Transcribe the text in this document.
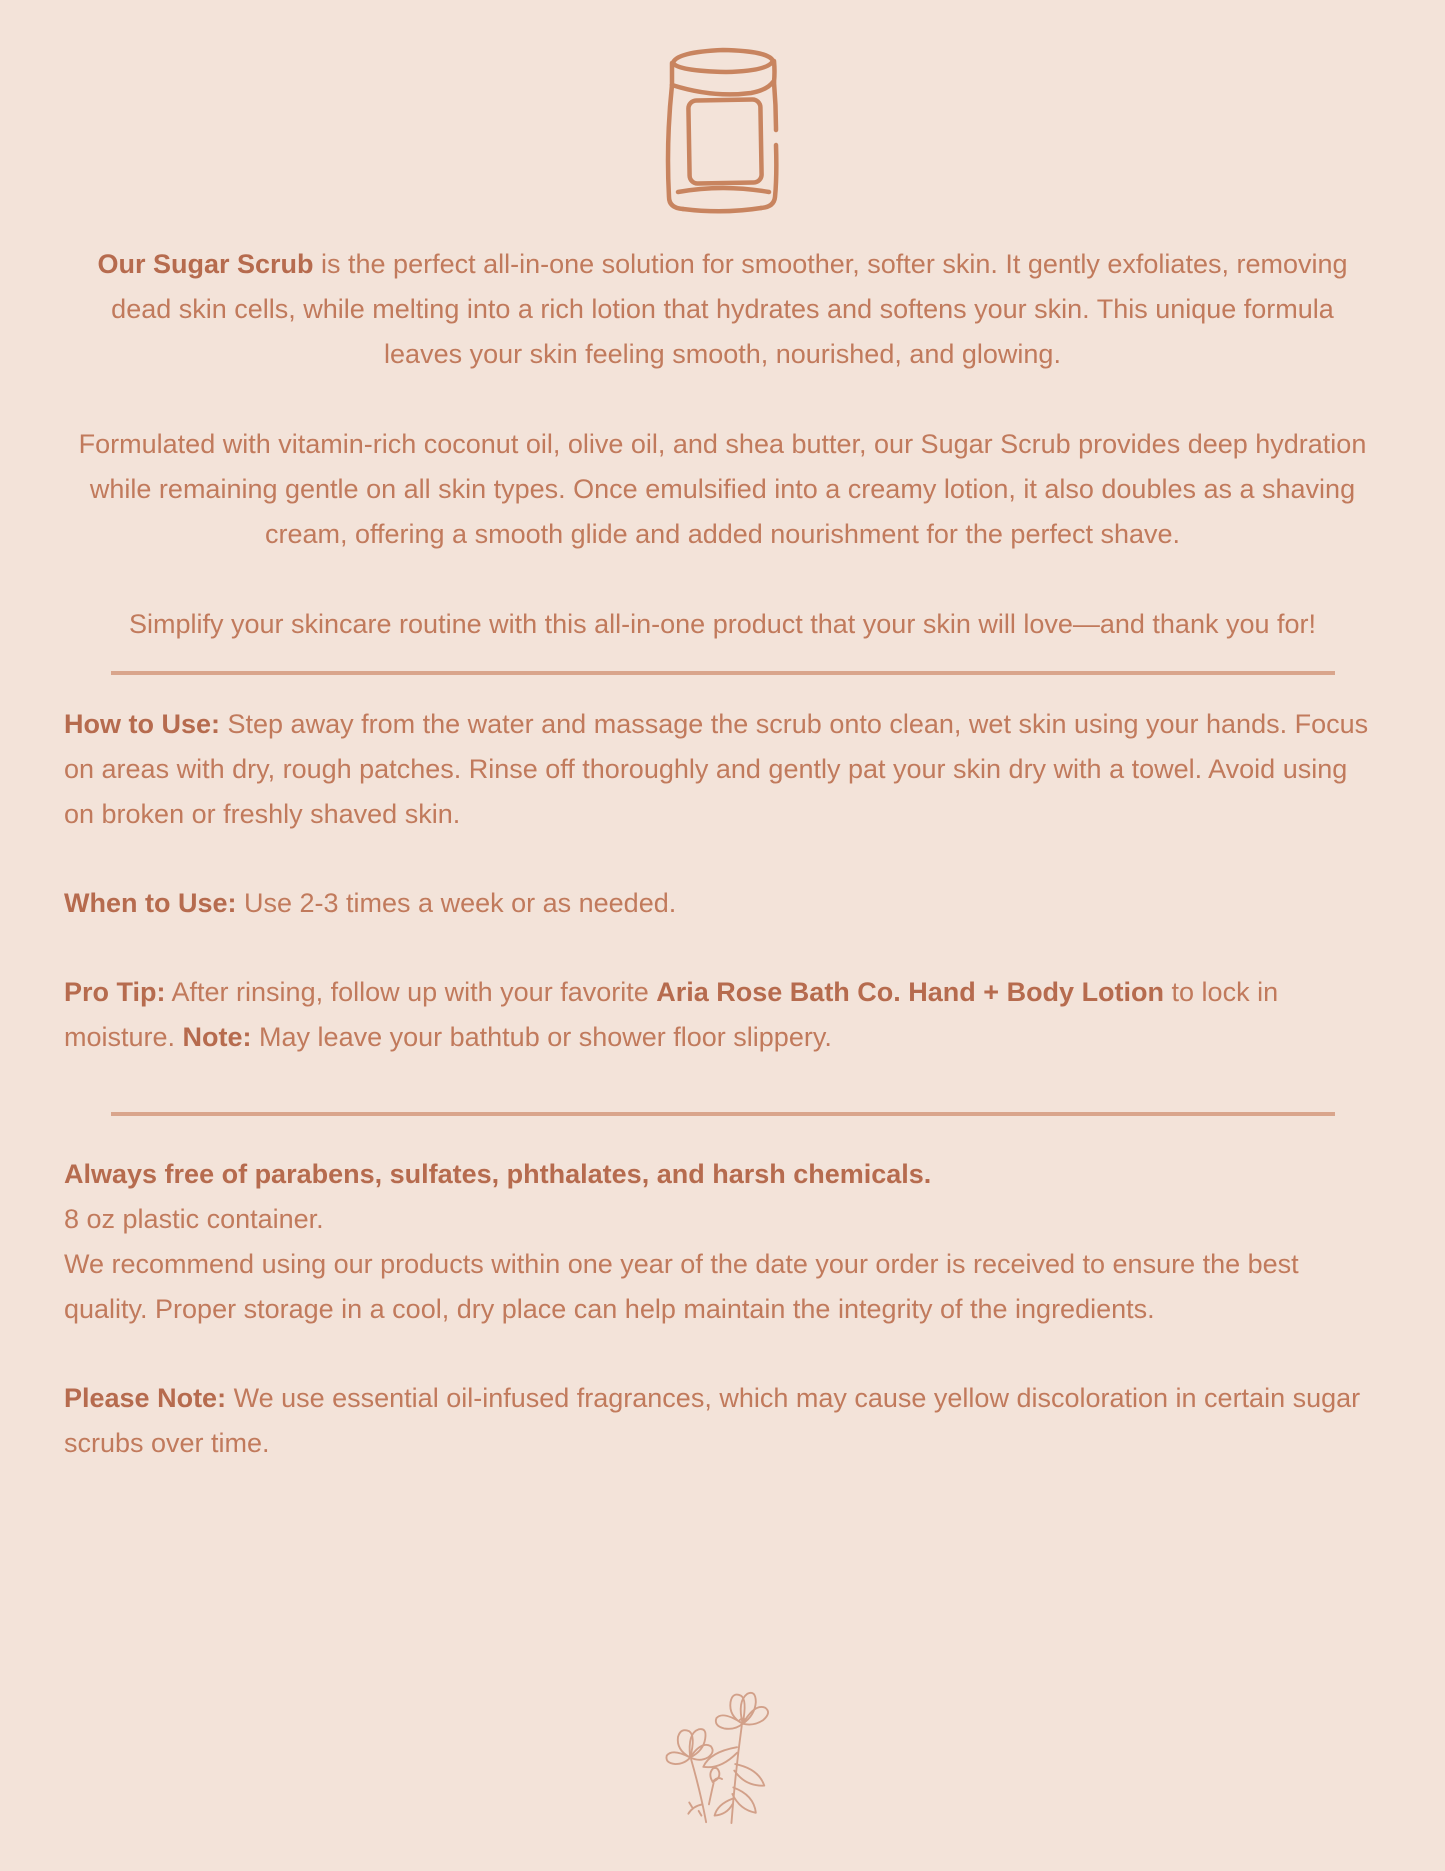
Our Sugar Scrub is the perfect all-in-one solution for smoother, softer skin. It gently exfoliates, removing dead skin cells, while melting into a rich lotion that hydrates and softens your skin. This unique formula leaves your skin feeling smooth, nourished, and glowing.

Formulated with vitamin-rich coconut oil, olive oil, and shea butter, our Sugar Scrub provides deep hydration while remaining gentle on all skin types. Once emulsified into a creamy lotion, it also doubles as a shaving cream, offering a smooth glide and added nourishment for the perfect shave.

Simplify your skincare routine with this all-in-one product that your skin will love—and thank you for!

How to Use: Step away from the water and massage the scrub onto clean, wet skin using your hands. Focus on areas with dry, rough patches. Rinse off thoroughly and gently pat your skin dry with a towel. Avoid using on broken or freshly shaved skin.

When to Use: Use 2-3 times a week or as needed.

Pro Tip: After rinsing, follow up with your favorite Aria Rose Bath Co. Hand + Body Lotion to lock in moisture. Note: May leave your bathtub or shower floor slippery.

Always free of parabens, sulfates, phthalates, and harsh chemicals.

8 oz plastic container.

We recommend using our products within one year of the date your order is received to ensure the best quality. Proper storage in a cool, dry place can help maintain the integrity of the ingredients.

Please Note: We use essential oil-infused fragrances, which may cause yellow discoloration in certain sugar scrubs over time.
